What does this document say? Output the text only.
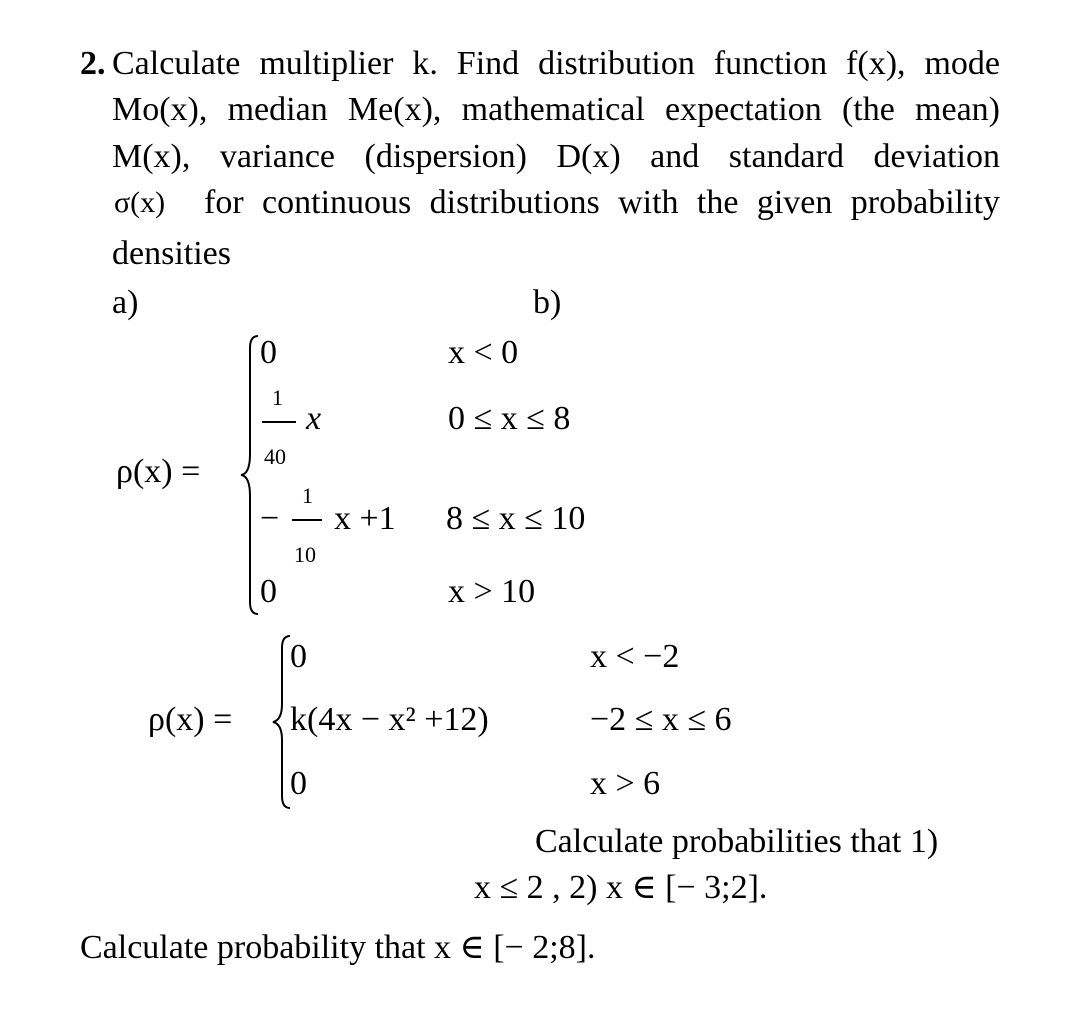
2. Calculate multiplier k. Find distribution function f(x), mode
Mo(x), median Me(x), mathematical expectation (the mean)
M(x), variance (dispersion) D(x) and standard deviation
σ(x) for continuous distributions with the given probability
densities
a)	b)
ρ(x) =
0	x < 0
1
40
x	0 ≤ x ≤ 8
−
1
10
x +1 8 ≤ x ≤ 10
0	x > 10
ρ(x) =
0	x < −2
k(4x − x² +12)	−2 ≤ x ≤ 6
0	x > 6
Calculate probabilities that 1)
x ≤ 2 , 2) x ∈ [− 3;2].
Calculate probability that x ∈ [− 2;8].
